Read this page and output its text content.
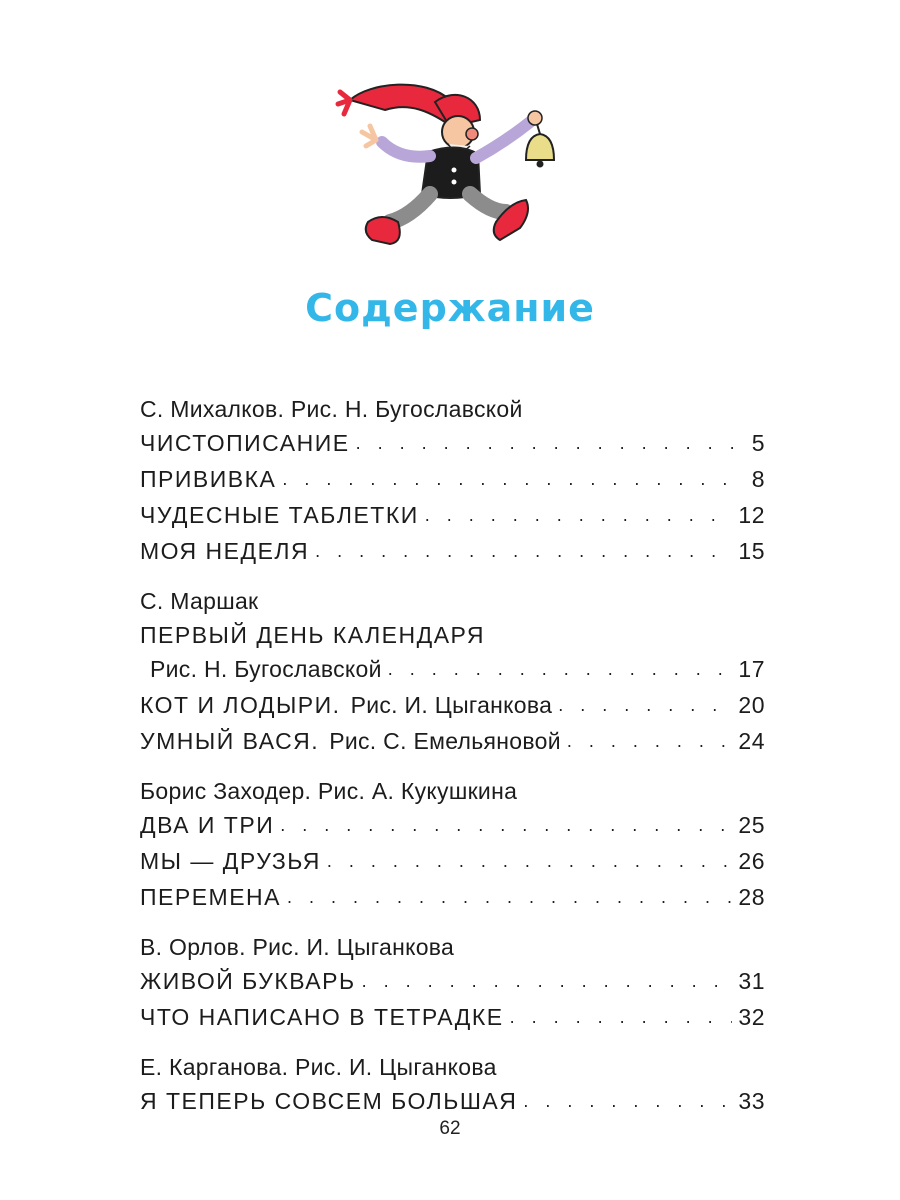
Содержание
С. Михалков. Рис. Н. Бугославской
ЧИСТОПИСАНИЕ . . .	5
ПРИВИВКА . . .	8
ЧУДЕСНЫЕ ТАБЛЕТКИ . . .	12
МОЯ НЕДЕЛЯ . . .	15
С. Маршак
ПЕРВЫЙ ДЕНЬ КАЛЕНДАРЯ
Рис. Н. Бугославской . . .	17
КОТ И ЛОДЫРИ. Рис. И. Цыганкова . . .	20
УМНЫЙ ВАСЯ. Рис. С. Емельяновой . . .	24
Борис Заходер. Рис. А. Кукушкина
ДВА И ТРИ . . .	25
МЫ — ДРУЗЬЯ . . .	26
ПЕРЕМЕНА . . .	28
В. Орлов. Рис. И. Цыганкова
ЖИВОЙ БУКВАРЬ . . .	31
ЧТО НАПИСАНО В ТЕТРАДКЕ . . .	32
Е. Карганова. Рис. И. Цыганкова
Я ТЕПЕРЬ СОВСЕМ БОЛЬШАЯ . . .	33
62
